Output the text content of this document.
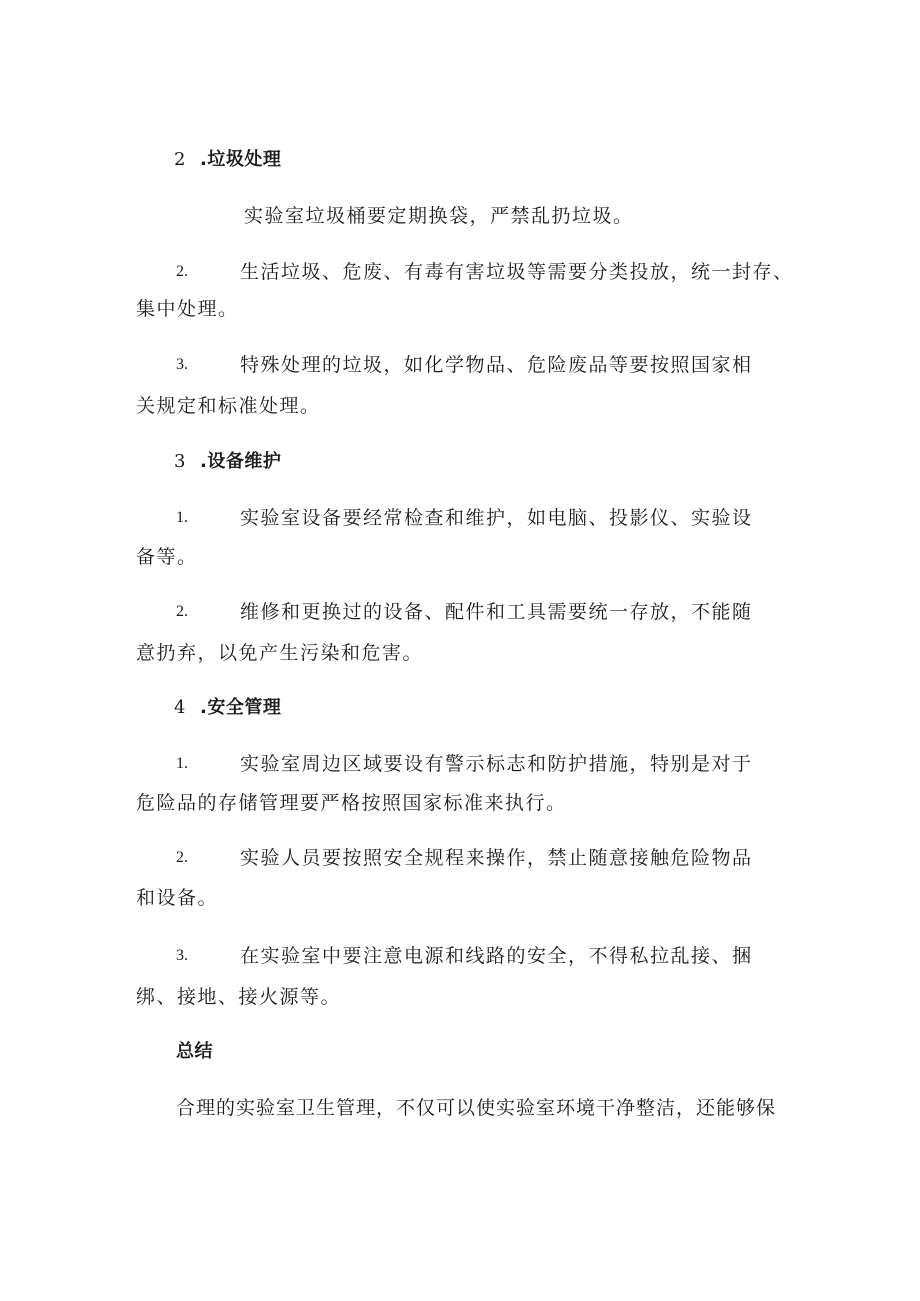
2 .垃圾处理
实验室垃圾桶要定期换袋，严禁乱扔垃圾。
2.	生活垃圾、危废、有毒有害垃圾等需要分类投放，统一封存、
集中处理。
3.	特殊处理的垃圾，如化学物品、危险废品等要按照国家相
关规定和标准处理。
3 .设备维护
1.	实验室设备要经常检查和维护，如电脑、投影仪、实验设
备等。
2.	维修和更换过的设备、配件和工具需要统一存放，不能随
意扔弃，以免产生污染和危害。
4 .安全管理
1.	实验室周边区域要设有警示标志和防护措施，特别是对于
危险品的存储管理要严格按照国家标准来执行。
2.	实验人员要按照安全规程来操作，禁止随意接触危险物品
和设备。
3.	在实验室中要注意电源和线路的安全，不得私拉乱接、捆
绑、接地、接火源等。
总结
合理的实验室卫生管理，不仅可以使实验室环境干净整洁，还能够保
